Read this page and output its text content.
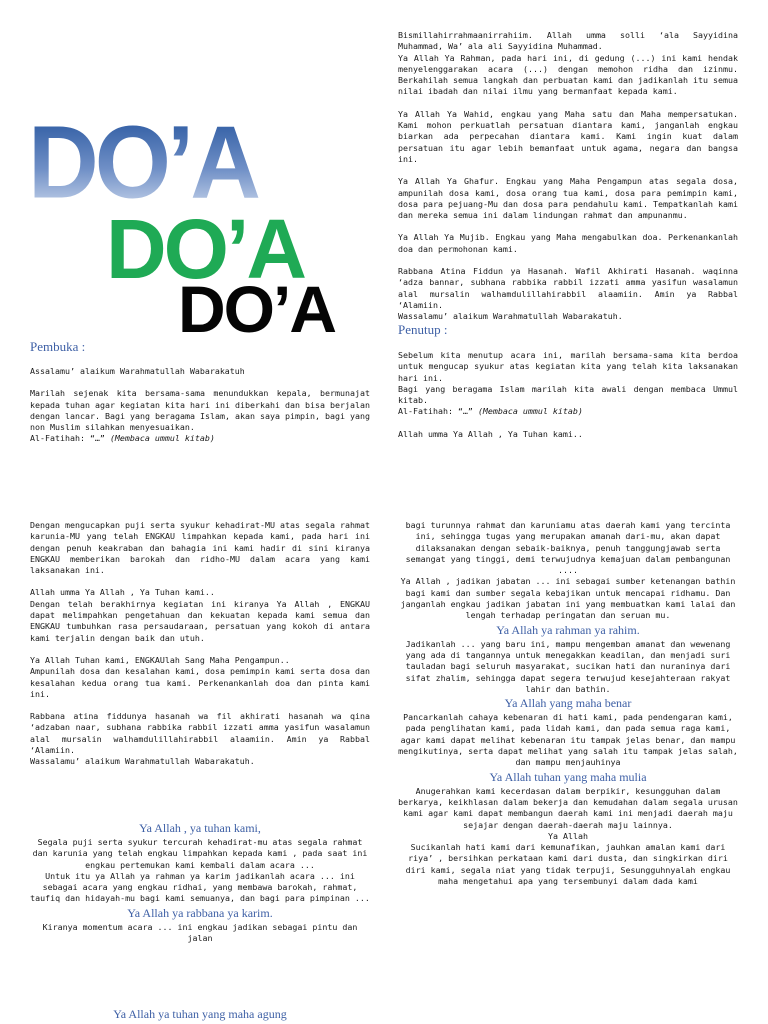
DO’A
DO’A
DO’A
Pembuka :

Assalamu’ alaikum Warahmatullah Wabarakatuh

Marilah sejenak kita bersama-sama menundukkan kepala, bermunajat kepada tuhan agar kegiatan kita hari ini diberkahi dan bisa berjalan dengan lancar. Bagi yang beragama Islam, akan saya pimpin, bagi yang non Muslim silahkan menyesuaikan.

Al-Fatihah: “…” (Membaca ummul kitab)

Bismillahirrahmaanirrahiim. Allah umma solli ‘ala Sayyidina Muhammad, Wa’ ala ali Sayyidina Muhammad.

Ya Allah Ya Rahman, pada hari ini, di gedung (...) ini kami hendak menyelenggarakan acara (...) dengan memohon ridha dan izinmu. Berkahilah semua langkah dan perbuatan kami dan jadikanlah itu semua nilai ibadah dan nilai ilmu yang bermanfaat kepada kami.

Ya Allah Ya Wahid, engkau yang Maha satu dan Maha mempersatukan. Kami mohon perkuatlah persatuan diantara kami, janganlah engkau biarkan ada perpecahan diantara kami. Kami ingin kuat dalam persatuan itu agar lebih bemanfaat untuk agama, negara dan bangsa ini.

Ya Allah Ya Ghafur. Engkau yang Maha Pengampun atas segala dosa, ampunilah dosa kami, dosa orang tua kami, dosa para pemimpin kami, dosa para pejuang-Mu dan dosa para pendahulu kami. Tempatkanlah kami dan mereka semua ini dalam lindungan rahmat dan ampunanmu.

Ya Allah Ya Mujib. Engkau yang Maha mengabulkan doa. Perkenankanlah doa dan permohonan kami.

Rabbana Atina Fiddun ya Hasanah. Wafil Akhirati Hasanah. waqinna ‘adza bannar, subhana rabbika rabbil izzati amma yasifun wasalamun alal mursalin walhamdulillahirabbil alaamiin. Amin ya Rabbal ‘Alamiin.

Wassalamu’ alaikum Warahmatullah Wabarakatuh.

Penutup :

Sebelum kita menutup acara ini, marilah bersama-sama kita berdoa untuk mengucap syukur atas kegiatan kita yang telah kita laksanakan hari ini.

Bagi yang beragama Islam marilah kita awali dengan membaca Ummul kitab.

Al-Fatihah: “…” (Membaca ummul kitab)

Allah umma Ya Allah , Ya Tuhan kami..

Dengan mengucapkan puji serta syukur kehadirat-MU atas segala rahmat karunia-MU yang telah ENGKAU limpahkan kepada kami, pada hari ini dengan penuh keakraban dan bahagia ini kami hadir di sini kiranya ENGKAU memberikan barokah dan ridho-MU dalam acara yang kami laksanakan ini.

Allah umma Ya Allah , Ya Tuhan kami..

Dengan telah berakhirnya kegiatan ini kiranya Ya Allah , ENGKAU dapat melimpahkan pengetahuan dan kekuatan kepada kami semua dan ENGKAU tumbuhkan rasa persaudaraan, persatuan yang kokoh di antara kami terjalin dengan baik dan utuh.

Ya Allah Tuhan kami, ENGKAUlah Sang Maha Pengampun..

Ampunilah dosa dan kesalahan kami, dosa pemimpin kami serta dosa dan kesalahan kedua orang tua kami. Perkenankanlah doa dan pinta kami ini.

Rabbana atina fiddunya hasanah wa fil akhirati hasanah wa qina ‘adzaban naar, subhana rabbika rabbil izzati amma yasifun wasalamun alal mursalin walhamdulillahirabbil alaamiin. Amin ya Rabbal ‘Alamiin.

Wassalamu’ alaikum Warahmatullah Wabarakatuh.

Ya Allah , ya tuhan kami,

Segala puji serta syukur tercurah kehadirat-mu atas segala rahmat dan karunia yang telah engkau limpahkan kepada kami , pada saat ini engkau pertemukan kami kembali dalam acara ...

Untuk itu ya Allah ya rahman ya karim jadikanlah acara ... ini sebagai acara yang engkau ridhai, yang membawa barokah, rahmat, taufiq dan hidayah-mu bagi kami semuanya, dan bagi para pimpinan ...

Ya Allah ya rabbana ya karim.

Kiranya momentum acara ... ini engkau jadikan sebagai pintu dan jalan

Ya Allah ya tuhan yang maha agung

bagi turunnya rahmat dan karuniamu atas daerah kami yang tercinta ini, sehingga tugas yang merupakan amanah dari-mu, akan dapat dilaksanakan dengan sebaik-baiknya, penuh tanggungjawab serta semangat yang tinggi, demi terwujudnya kemajuan dalam pembangunan ....

Ya Allah , jadikan jabatan ... ini sebagai sumber ketenangan bathin bagi kami dan sumber segala kebajikan untuk mencapai ridhamu. Dan janganlah engkau jadikan jabatan ini yang membuatkan kami lalai dan lengah terhadap peringatan dan seruan mu.

Ya Allah ya rahman ya rahim.

Jadikanlah ... yang baru ini, mampu mengemban amanat dan wewenang yang ada di tangannya untuk menegakkan keadilan, dan menjadi suri tauladan bagi seluruh masyarakat, sucikan hati dan nuraninya dari sifat zhalim, sehingga dapat segera terwujud kesejahteraan rakyat lahir dan bathin.

Ya Allah yang maha benar

Pancarkanlah cahaya kebenaran di hati kami, pada pendengaran kami, pada penglihatan kami, pada lidah kami, dan pada semua raga kami, agar kami dapat melihat kebenaran itu tampak jelas benar, dan mampu mengikutinya, serta dapat melihat yang salah itu tampak jelas salah, dan mampu menjauhinya

Ya Allah tuhan yang maha mulia

Anugerahkan kami kecerdasan dalam berpikir, kesungguhan dalam berkarya, keikhlasan dalam bekerja dan kemudahan dalam segala urusan kami agar kami dapat membangun daerah kami ini menjadi daerah maju sejajar dengan daerah-daerah maju lainnya.

Ya Allah

Sucikanlah hati kami dari kemunafikan, jauhkan amalan kami dari riya’ , bersihkan perkataan kami dari dusta, dan singkirkan diri diri kami, segala niat yang tidak terpuji, Sesungguhnyalah engkau maha mengetahui apa yang tersembunyi dalam dada kami
